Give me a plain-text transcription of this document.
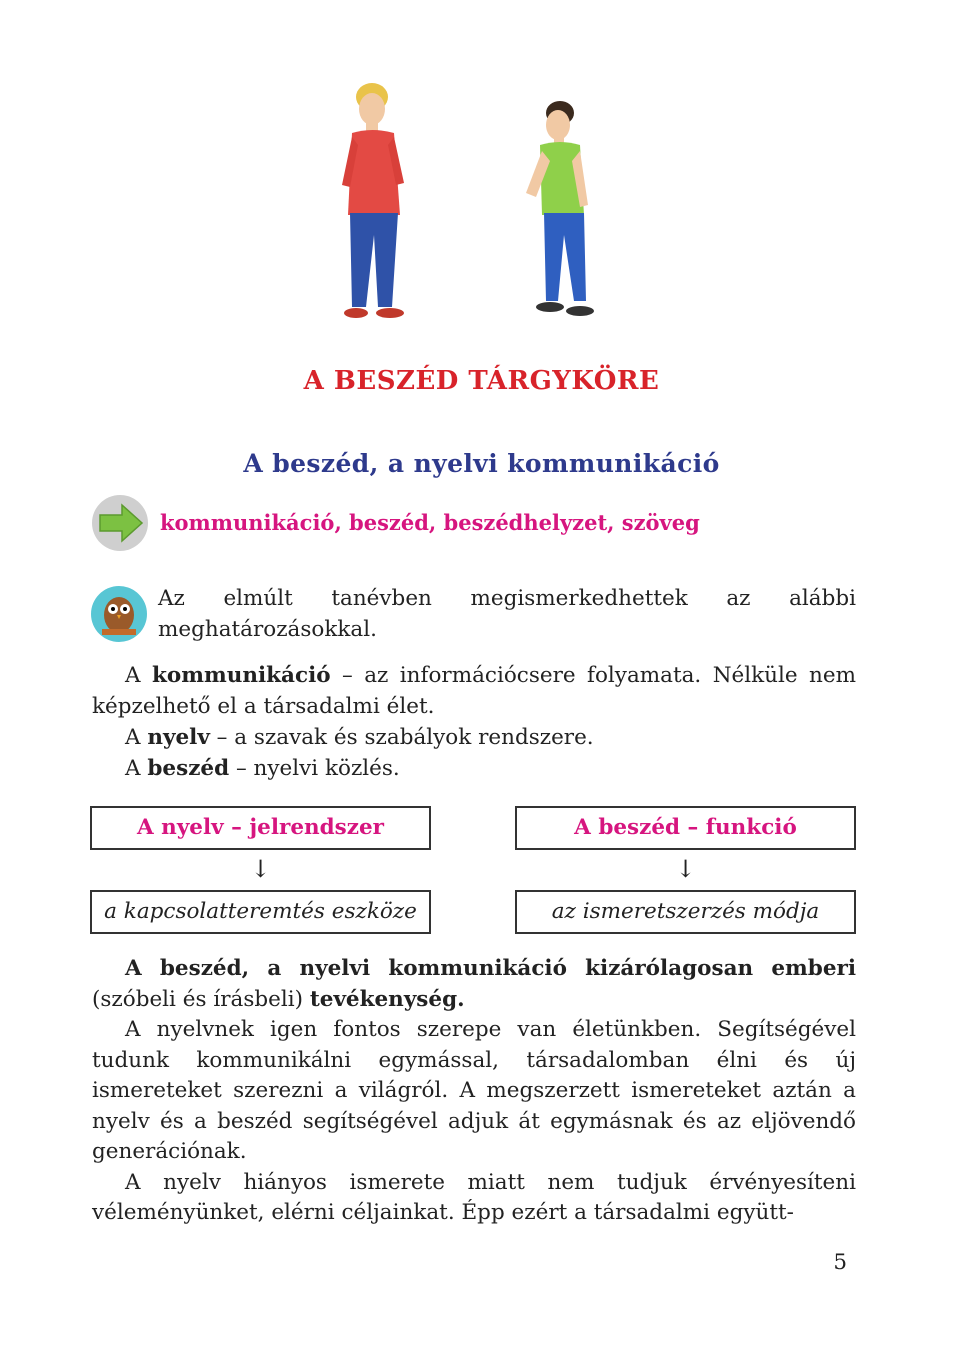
A BESZÉD TÁRGYKÖRE
A beszéd, a nyelvi kommunikáció
kommunikáció, beszéd, beszédhelyzet, szöveg

Az elmúlt tanévben megismerkedhettek az alábbi meghatározásokkal.

A kommunikáció – az információcsere folyamata. Nélküle nem képzelhető el a társadalmi élet.

A nyelv – a szavak és szabályok rendszere.

A beszéd – nyelvi közlés.

A nyelv – jelrendszer
↓
a kapcsolatteremtés eszköze
A beszéd – funkció
↓
az ismeretszerzés módja

A beszéd, a nyelvi kommunikáció kizárólagosan emberi (szóbeli és írásbeli) tevékenység.

A nyelvnek igen fontos szerepe van életünkben. Segítségével tudunk kommunikálni egymással, társadalomban élni és új ismereteket szerezni a világról. A megszerzett ismereteket aztán a nyelv és a beszéd segítségével adjuk át egymásnak és az eljövendő generációnak.

A nyelv hiányos ismerete miatt nem tudjuk érvényesíteni véleményünket, elérni céljainkat. Épp ezért a társadalmi együtt-

5
